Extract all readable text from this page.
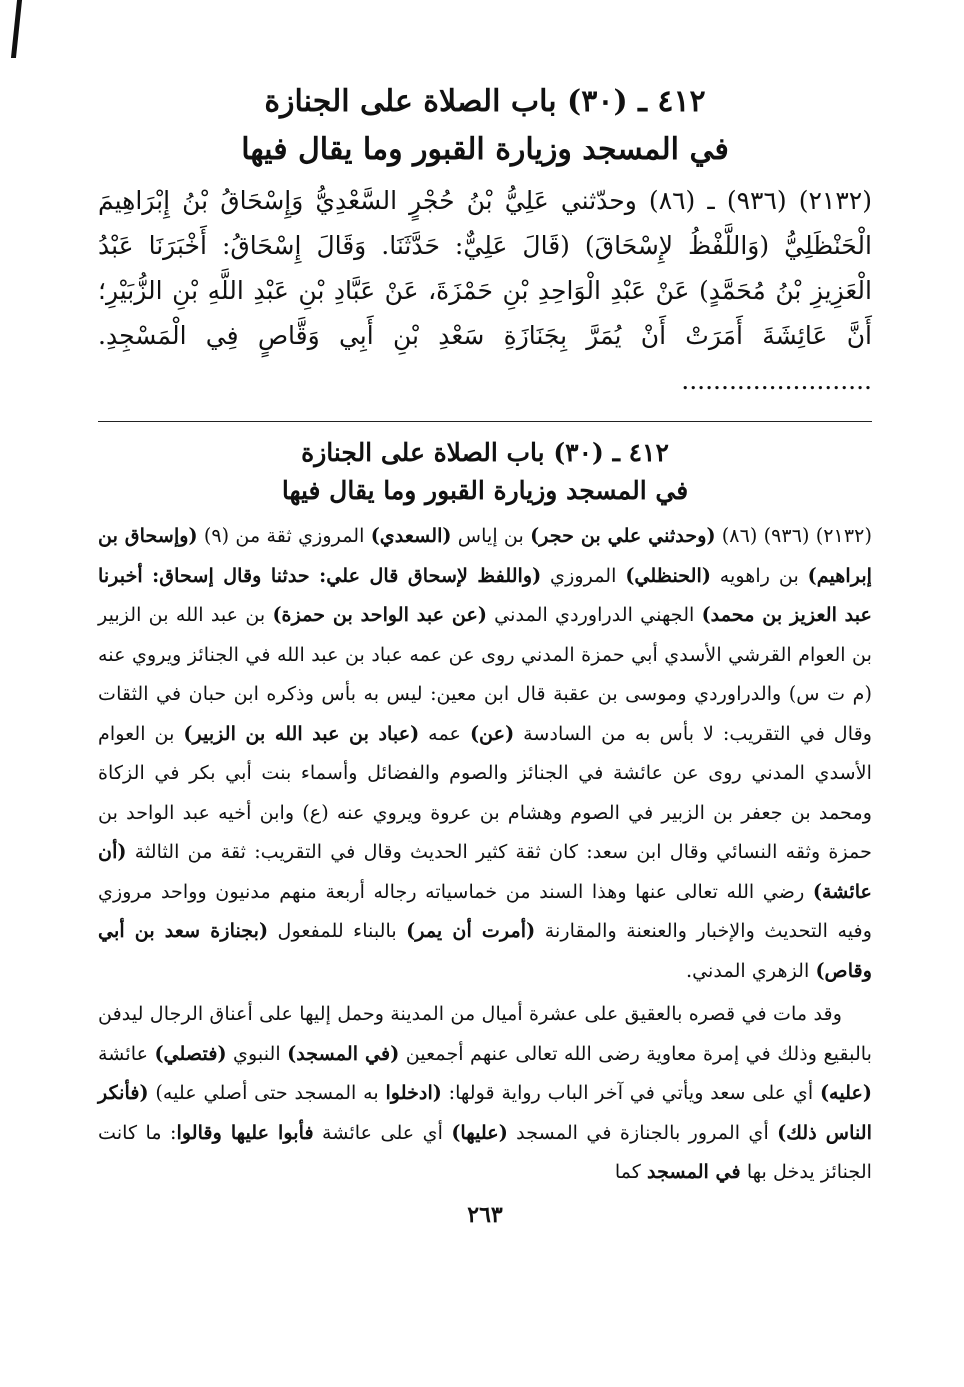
٤١٢ ـ (٣٠) باب الصلاة على الجنازة
في المسجد وزيارة القبور وما يقال فيها

(٢١٣٢) (٩٣٦) ـ (٨٦) وحدّثني عَلِيُّ بْنُ حُجْرٍ السَّعْدِيُّ وَإِسْحَاقُ بْنُ إِبْرَاهِيمَ الْحَنْظَلِيُّ (وَاللَّفْظُ لإِسْحَاقَ) (قَالَ عَلِيٌّ: حَدَّثَنَا. وَقَالَ إِسْحَاقُ: أَخْبَرَنَا عَبْدُ الْعَزِيزِ بْنُ مُحَمَّدٍ) عَنْ عَبْدِ الْوَاحِدِ بْنِ حَمْزَةَ، عَنْ عَبَّادِ بْنِ عَبْدِ اللَّهِ بْنِ الزُّبَيْرِ؛ أَنَّ عَائِشَةَ أَمَرَتْ أَنْ يُمَرَّ بِجَنَازَةِ سَعْدِ بْنِ أَبِي وَقَّاصٍ فِي الْمَسْجِدِ. ........................

٤١٢ ـ (٣٠) باب الصلاة على الجنازة
في المسجد وزيارة القبور وما يقال فيها

(٢١٣٢) (٩٣٦) (٨٦) (وحدثني علي بن حجر) بن إياس (السعدي) المروزي ثقة من (٩) (وإسحاق بن إبراهيم) بن راهويه (الحنظلي) المروزي (واللفظ لإسحاق قال علي: حدثنا وقال إسحاق: أخبرنا عبد العزيز بن محمد) الجهني الدراوردي المدني (عن عبد الواحد بن حمزة) بن عبد الله بن الزبير بن العوام القرشي الأسدي أبي حمزة المدني روى عن عمه عباد بن عبد الله في الجنائز ويروي عنه (م ت س) والدراوردي وموسى بن عقبة قال ابن معين: ليس به بأس وذكره ابن حبان في الثقات وقال في التقريب: لا بأس به من السادسة (عن) عمه (عباد بن عبد الله بن الزبير) بن العوام الأسدي المدني روى عن عائشة في الجنائز والصوم والفضائل وأسماء بنت أبي بكر في الزكاة ومحمد بن جعفر بن الزبير في الصوم وهشام بن عروة ويروي عنه (ع) وابن أخيه عبد الواحد بن حمزة وثقه النسائي وقال ابن سعد: كان ثقة كثير الحديث وقال في التقريب: ثقة من الثالثة (أن عائشة) رضي الله تعالى عنها وهذا السند من خماسياته رجاله أربعة منهم مدنيون وواحد مروزي وفيه التحديث والإخبار والعنعنة والمقارنة (أمرت أن يمر) بالبناء للمفعول (بجنازة سعد بن أبي وقاص) الزهري المدني.

وقد مات في قصره بالعقيق على عشرة أميال من المدينة وحمل إليها على أعناق الرجال ليدفن بالبقيع وذلك في إمرة معاوية رضى الله تعالى عنهم أجمعين (في المسجد) النبوي (فتصلي) عائشة (عليه) أي على سعد ويأتي في آخر الباب رواية قولها: (ادخلوا به المسجد حتى أصلي عليه) (فأنكر الناس ذلك) أي المرور بالجنازة في المسجد (عليها) أي على عائشة فأبوا عليها وقالوا: ما كانت الجنائز يدخل بها في المسجد كما

٢٦٣
